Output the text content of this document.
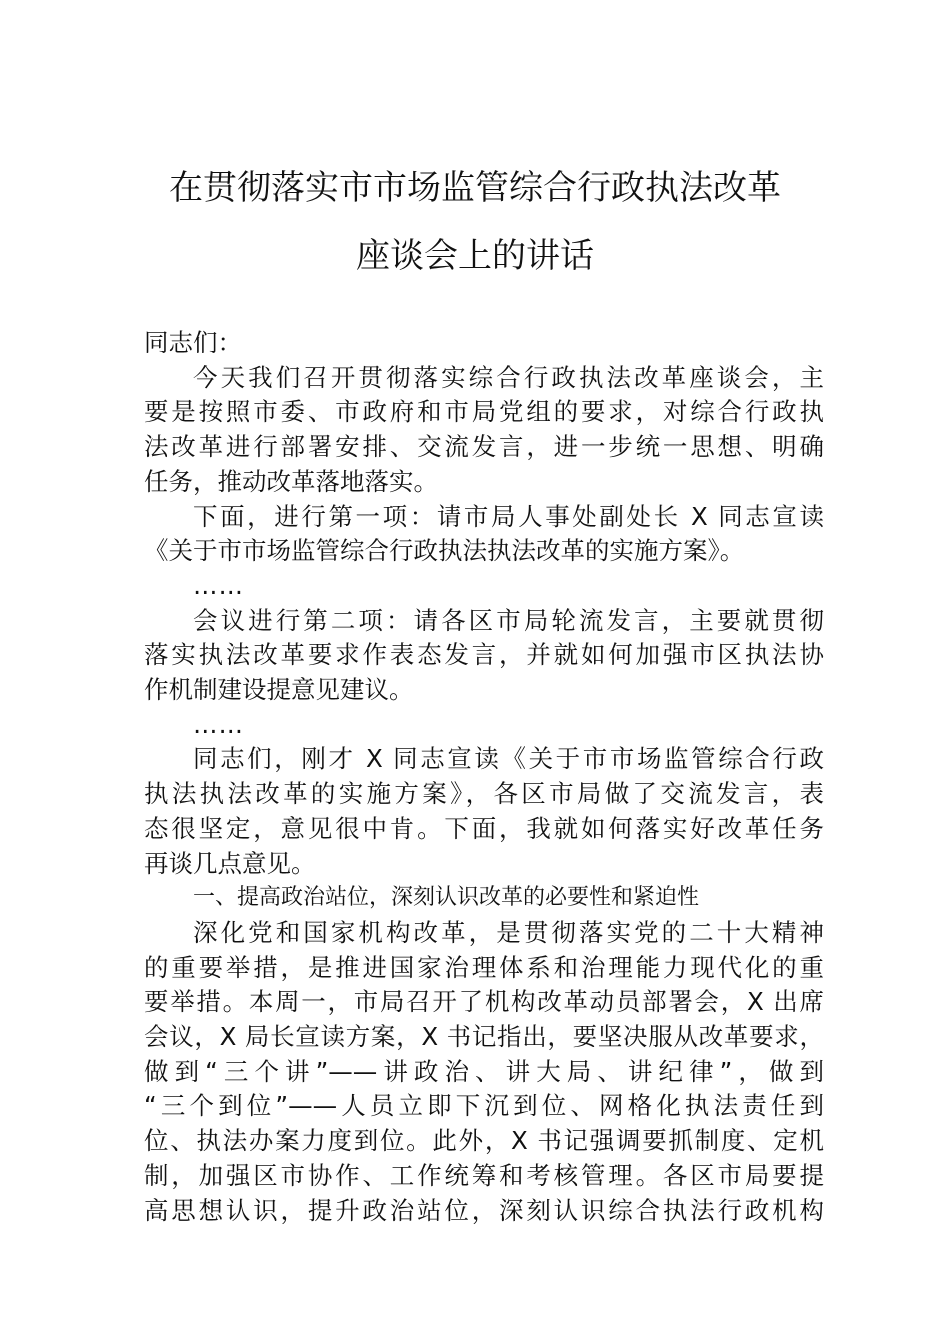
在贯彻落实市市场监管综合行政执法改革
座谈会上的讲话
同志们：
今天我们召开贯彻落实综合行政执法改革座谈会，主
要是按照市委、市政府和市局党组的要求，对综合行政执
法改革进行部署安排、交流发言，进一步统一思想、明确
任务，推动改革落地落实。
下面，进行第一项：请市局人事处副处长 X 同志宣读
《关于市市场监管综合行政执法执法改革的实施方案》。
……
会议进行第二项：请各区市局轮流发言，主要就贯彻
落实执法改革要求作表态发言，并就如何加强市区执法协
作机制建设提意见建议。
……
同志们，刚才 X 同志宣读《关于市市场监管综合行政
执法执法改革的实施方案》，各区市局做了交流发言，表
态很坚定，意见很中肯。下面，我就如何落实好改革任务
再谈几点意见。
一、提高政治站位，深刻认识改革的必要性和紧迫性
深化党和国家机构改革，是贯彻落实党的二十大精神
的重要举措，是推进国家治理体系和治理能力现代化的重
要举措。本周一，市局召开了机构改革动员部署会，X 出席
会议，X 局长宣读方案，X 书记指出，要坚决服从改革要求，
做到“三个讲”——讲政治、讲大局、讲纪律”，做到
“三个到位”——人员立即下沉到位、网格化执法责任到
位、执法办案力度到位。此外，X 书记强调要抓制度、定机
制，加强区市协作、工作统筹和考核管理。各区市局要提
高思想认识，提升政治站位，深刻认识综合执法行政机构
